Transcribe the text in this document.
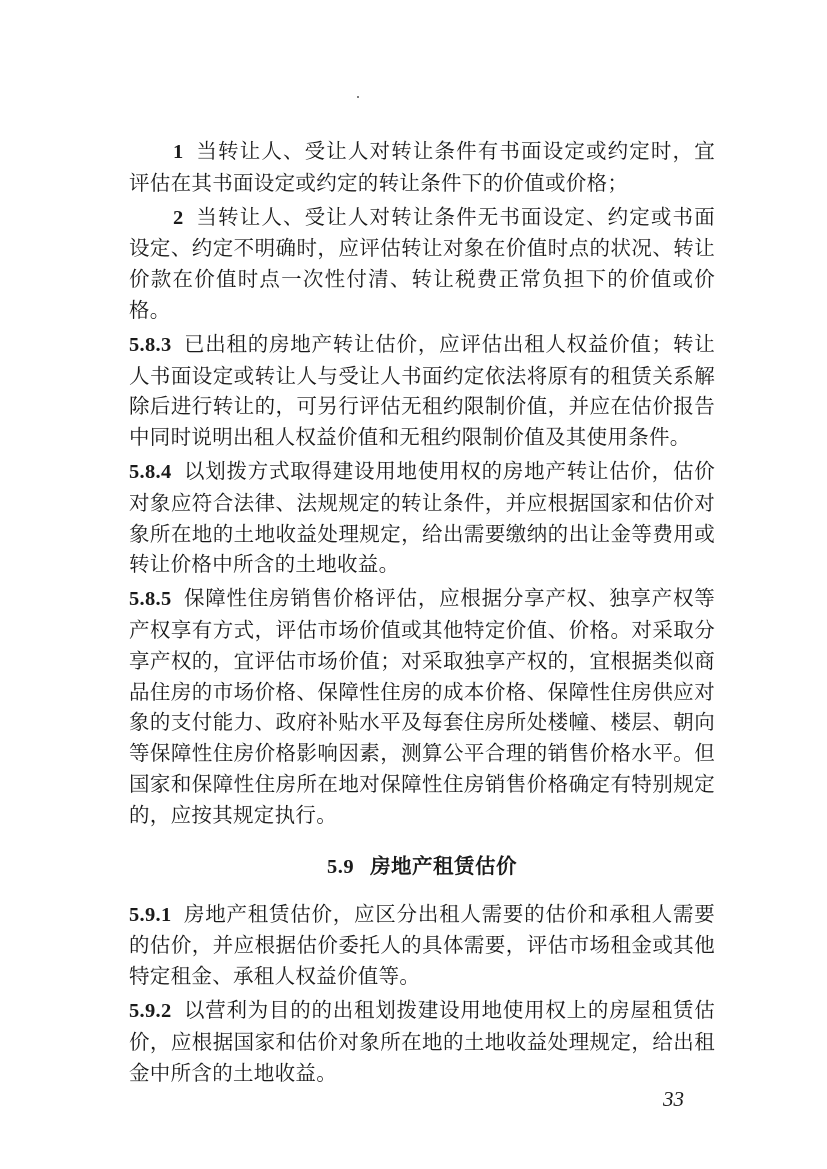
1 当转让人、受让人对转让条件有书面设定或约定时，宜评估在其书面设定或约定的转让条件下的价值或价格；

2 当转让人、受让人对转让条件无书面设定、约定或书面设定、约定不明确时，应评估转让对象在价值时点的状况、转让价款在价值时点一次性付清、转让税费正常负担下的价值或价格。

5.8.3 已出租的房地产转让估价，应评估出租人权益价值；转让人书面设定或转让人与受让人书面约定依法将原有的租赁关系解除后进行转让的，可另行评估无租约限制价值，并应在估价报告中同时说明出租人权益价值和无租约限制价值及其使用条件。

5.8.4 以划拨方式取得建设用地使用权的房地产转让估价，估价对象应符合法律、法规规定的转让条件，并应根据国家和估价对象所在地的土地收益处理规定，给出需要缴纳的出让金等费用或转让价格中所含的土地收益。

5.8.5 保障性住房销售价格评估，应根据分享产权、独享产权等产权享有方式，评估市场价值或其他特定价值、价格。对采取分享产权的，宜评估市场价值；对采取独享产权的，宜根据类似商品住房的市场价格、保障性住房的成本价格、保障性住房供应对象的支付能力、政府补贴水平及每套住房所处楼幢、楼层、朝向等保障性住房价格影响因素，测算公平合理的销售价格水平。但国家和保障性住房所在地对保障性住房销售价格确定有特别规定的，应按其规定执行。

5.9 房地产租赁估价

5.9.1 房地产租赁估价，应区分出租人需要的估价和承租人需要的估价，并应根据估价委托人的具体需要，评估市场租金或其他特定租金、承租人权益价值等。

5.9.2 以营利为目的的出租划拨建设用地使用权上的房屋租赁估价，应根据国家和估价对象所在地的土地收益处理规定，给出租金中所含的土地收益。

33
